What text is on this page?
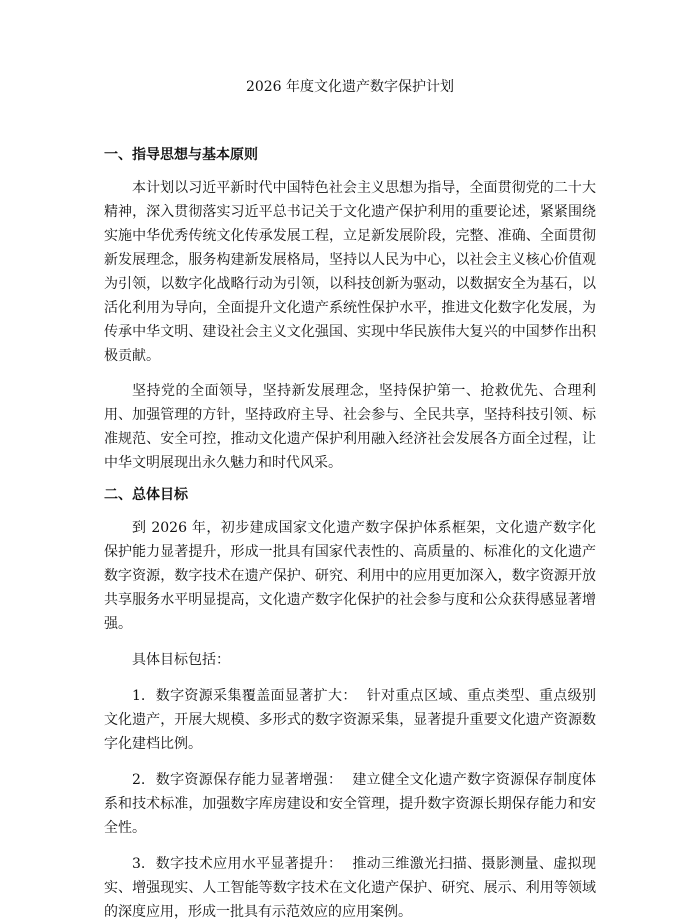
2026 年度文化遗产数字保护计划
一、指导思想与基本原则

本计划以习近平新时代中国特色社会主义思想为指导，全面贯彻党的二十大精神，深入贯彻落实习近平总书记关于文化遗产保护利用的重要论述，紧紧围绕实施中华优秀传统文化传承发展工程，立足新发展阶段，完整、准确、全面贯彻新发展理念，服务构建新发展格局，坚持以人民为中心，以社会主义核心价值观为引领，以数字化战略行动为引领，以科技创新为驱动，以数据安全为基石，以活化利用为导向，全面提升文化遗产系统性保护水平，推进文化数字化发展，为传承中华文明、建设社会主义文化强国、实现中华民族伟大复兴的中国梦作出积极贡献。

坚持党的全面领导，坚持新发展理念，坚持保护第一、抢救优先、合理利用、加强管理的方针，坚持政府主导、社会参与、全民共享，坚持科技引领、标准规范、安全可控，推动文化遗产保护利用融入经济社会发展各方面全过程，让中华文明展现出永久魅力和时代风采。

二、总体目标

到 2026 年，初步建成国家文化遗产数字保护体系框架，文化遗产数字化保护能力显著提升，形成一批具有国家代表性的、高质量的、标准化的文化遗产数字资源，数字技术在遗产保护、研究、利用中的应用更加深入，数字资源开放共享服务水平明显提高，文化遗产数字化保护的社会参与度和公众获得感显著增强。

具体目标包括：

1. 数字资源采集覆盖面显著扩大： 针对重点区域、重点类型、重点级别文化遗产，开展大规模、多形式的数字资源采集，显著提升重要文化遗产资源数字化建档比例。

2. 数字资源保存能力显著增强： 建立健全文化遗产数字资源保存制度体系和技术标准，加强数字库房建设和安全管理，提升数字资源长期保存能力和安全性。

3. 数字技术应用水平显著提升： 推动三维激光扫描、摄影测量、虚拟现实、增强现实、人工智能等数字技术在文化遗产保护、研究、展示、利用等领域的深度应用，形成一批具有示范效应的应用案例。
